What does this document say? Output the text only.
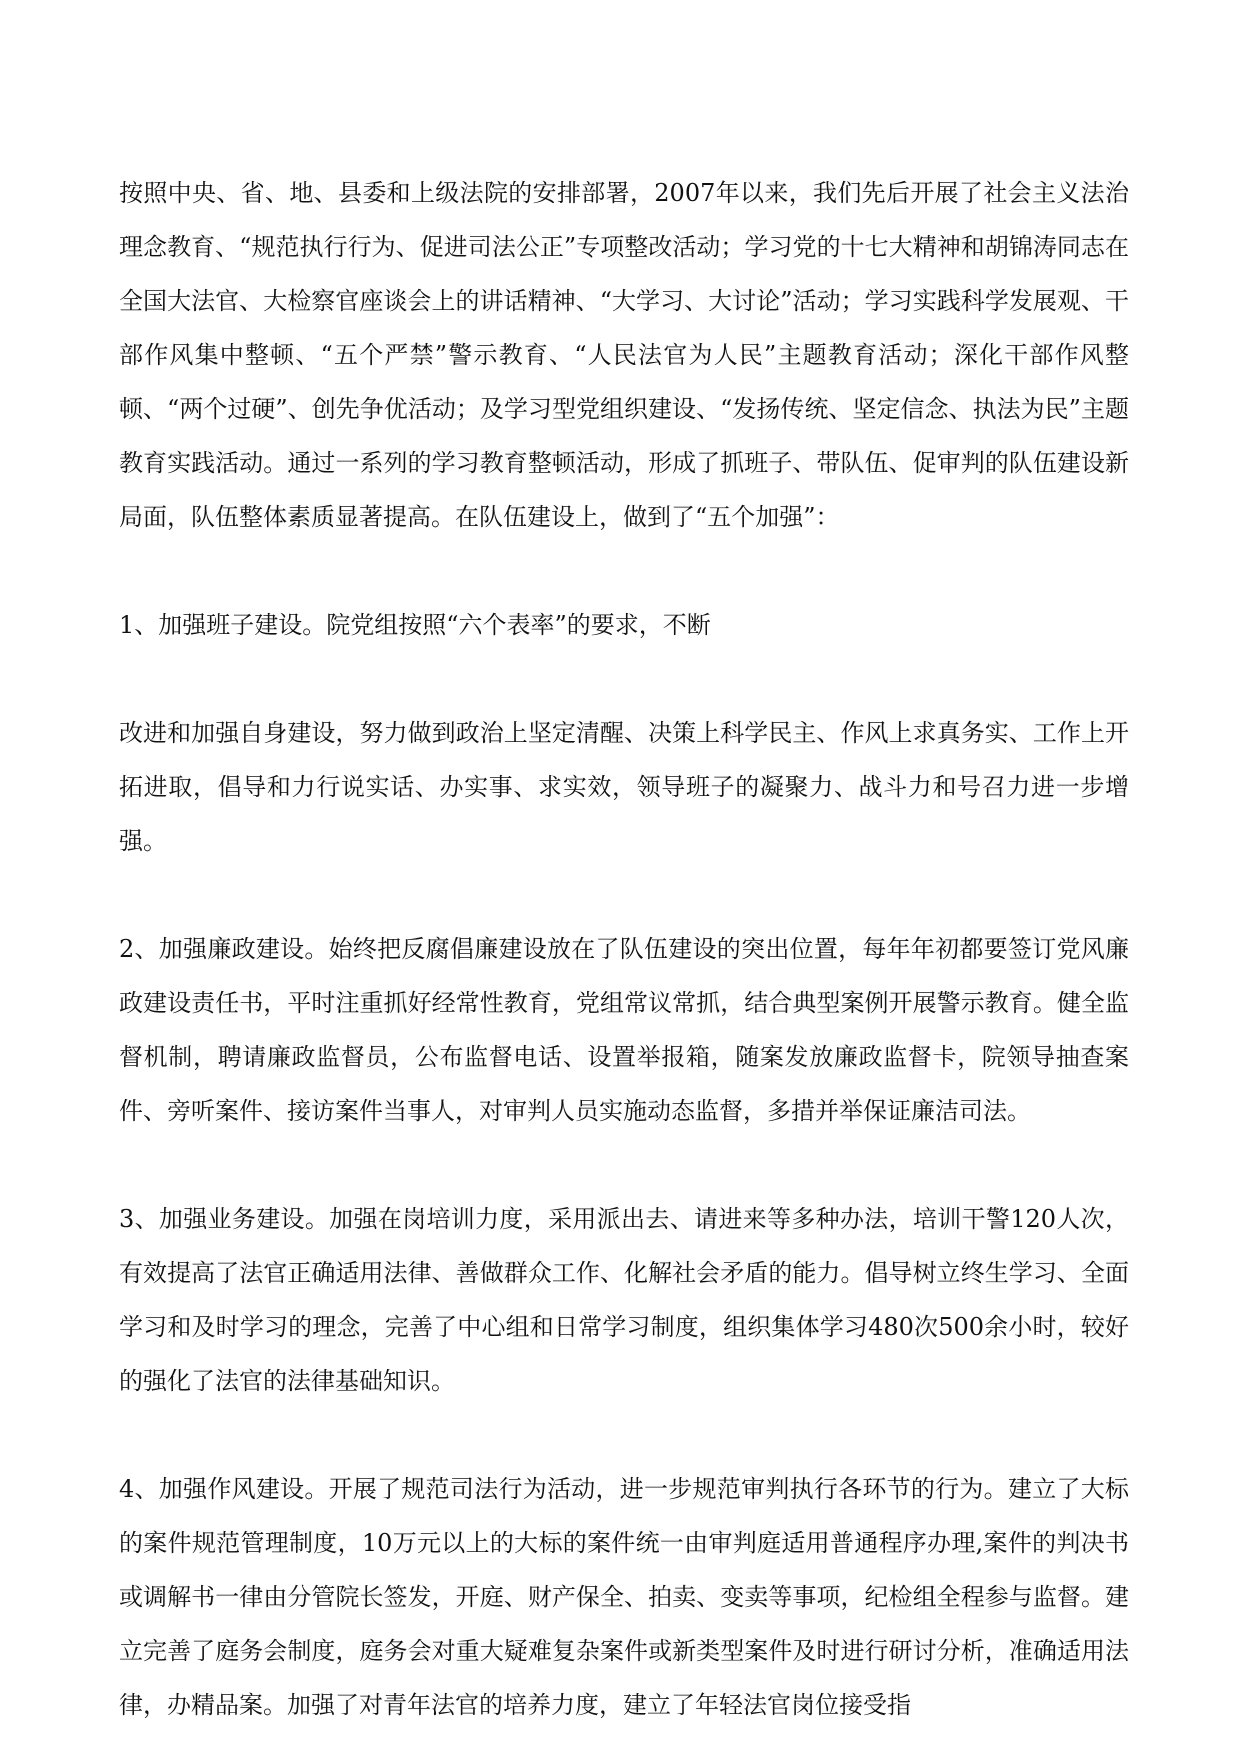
按照中央、省、地、县委和上级法院的安排部署，2007年以来，我们先后开展了社会主义法治理念教育、“规范执行行为、促进司法公正”专项整改活动；学习党的十七大精神和胡锦涛同志在全国大法官、大检察官座谈会上的讲话精神、“大学习、大讨论”活动；学习实践科学发展观、干部作风集中整顿、“五个严禁”警示教育、“人民法官为人民”主题教育活动；深化干部作风整顿、“两个过硬”、创先争优活动；及学习型党组织建设、“发扬传统、坚定信念、执法为民”主题教育实践活动。通过一系列的学习教育整顿活动，形成了抓班子、带队伍、促审判的队伍建设新局面，队伍整体素质显著提高。在队伍建设上，做到了“五个加强”：

1、加强班子建设。院党组按照“六个表率”的要求，不断

改进和加强自身建设，努力做到政治上坚定清醒、决策上科学民主、作风上求真务实、工作上开拓进取，倡导和力行说实话、办实事、求实效，领导班子的凝聚力、战斗力和号召力进一步增强。

2、加强廉政建设。始终把反腐倡廉建设放在了队伍建设的突出位置，每年年初都要签订党风廉政建设责任书，平时注重抓好经常性教育，党组常议常抓，结合典型案例开展警示教育。健全监督机制，聘请廉政监督员，公布监督电话、设置举报箱，随案发放廉政监督卡，院领导抽查案件、旁听案件、接访案件当事人，对审判人员实施动态监督，多措并举保证廉洁司法。

3、加强业务建设。加强在岗培训力度，采用派出去、请进来等多种办法，培训干警120人次，有效提高了法官正确适用法律、善做群众工作、化解社会矛盾的能力。倡导树立终生学习、全面学习和及时学习的理念，完善了中心组和日常学习制度，组织集体学习480次500余小时，较好的强化了法官的法律基础知识。

4、加强作风建设。开展了规范司法行为活动，进一步规范审判执行各环节的行为。建立了大标的案件规范管理制度，10万元以上的大标的案件统一由审判庭适用普通程序办理,案件的判决书或调解书一律由分管院长签发，开庭、财产保全、拍卖、变卖等事项，纪检组全程参与监督。建立完善了庭务会制度，庭务会对重大疑难复杂案件或新类型案件及时进行研讨分析，准确适用法律，办精品案。加强了对青年法官的培养力度，建立了年轻法官岗位接受指
